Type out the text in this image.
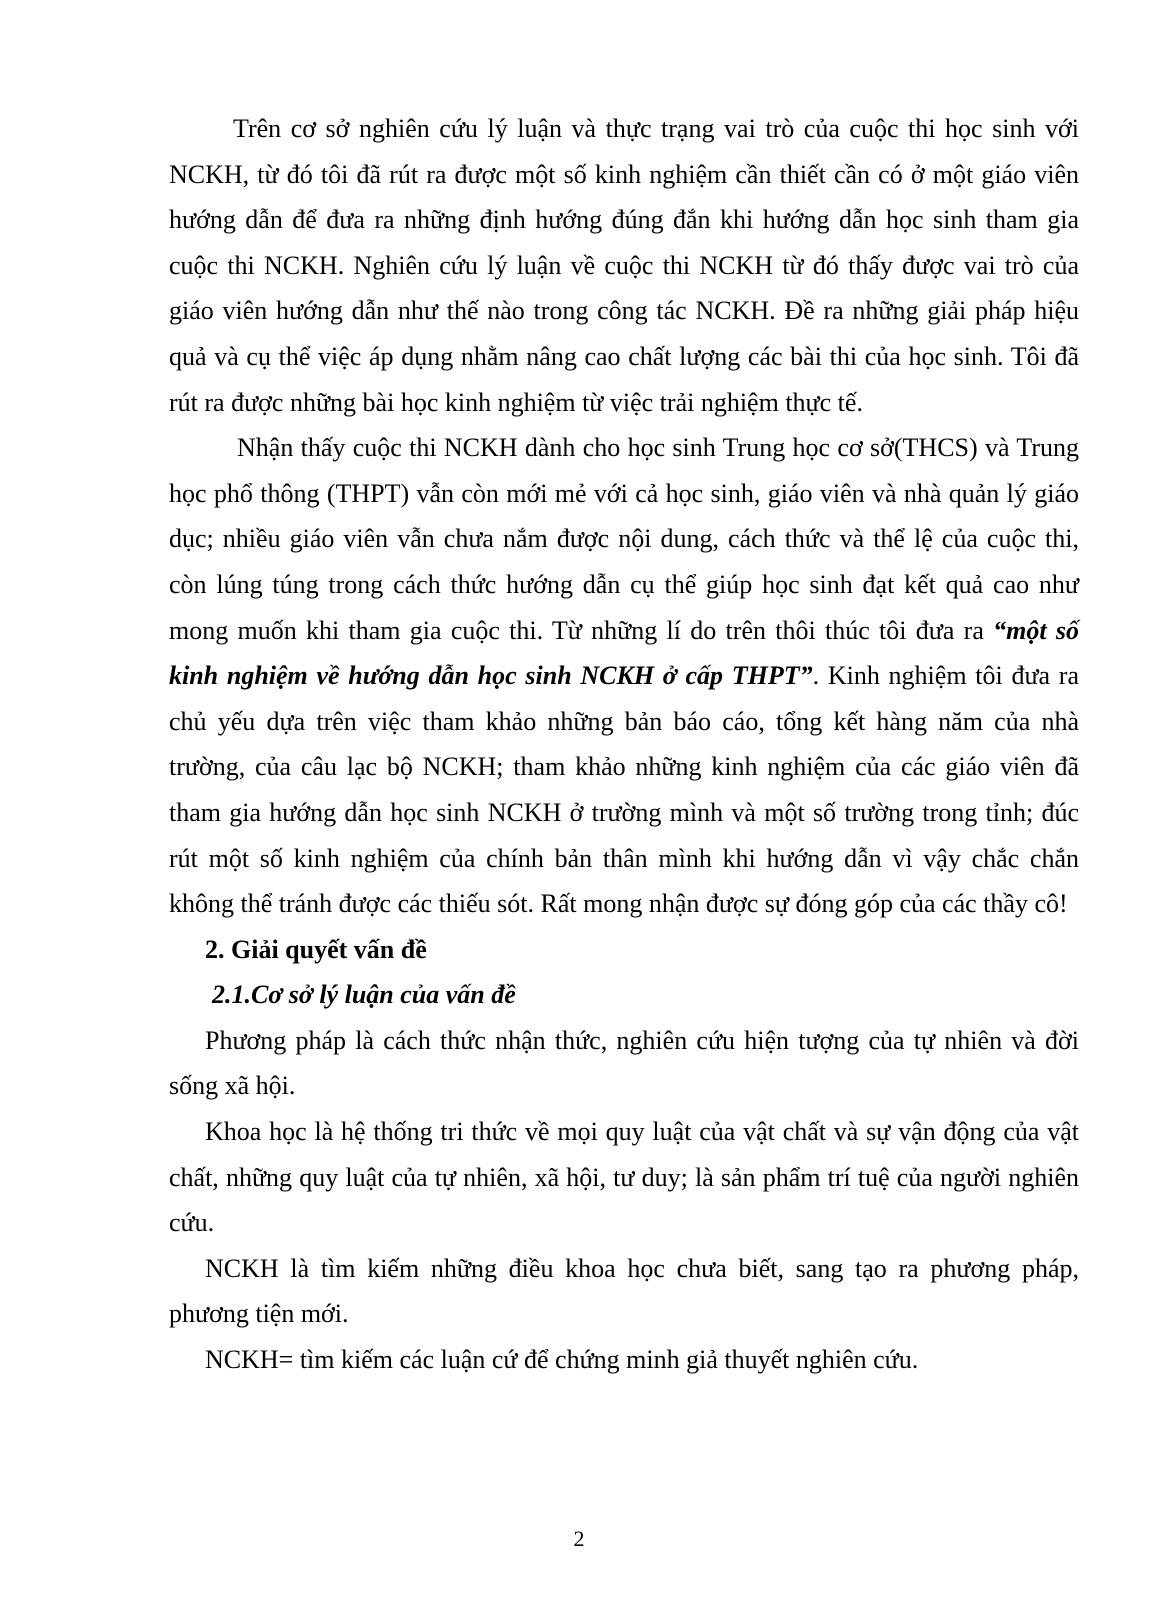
Trên cơ sở nghiên cứu lý luận và thực trạng vai trò của cuộc thi học sinh với NCKH, từ đó tôi đã rút ra được một số kinh nghiệm cần thiết cần có ở một giáo viên hướng dẫn để đưa ra những định hướng đúng đắn khi hướng dẫn học sinh tham gia cuộc thi NCKH. Nghiên cứu lý luận về cuộc thi NCKH từ đó thấy được vai trò của giáo viên hướng dẫn như thế nào trong công tác NCKH. Đề ra những giải pháp hiệu quả và cụ thể việc áp dụng nhằm nâng cao chất lượng các bài thi của học sinh. Tôi đã rút ra được những bài học kinh nghiệm từ việc trải nghiệm thực tế.

Nhận thấy cuộc thi NCKH dành cho học sinh Trung học cơ sở(THCS) và Trung học phổ thông (THPT) vẫn còn mới mẻ với cả học sinh, giáo viên và nhà quản lý giáo dục; nhiều giáo viên vẫn chưa nắm được nội dung, cách thức và thể lệ của cuộc thi, còn lúng túng trong cách thức hướng dẫn cụ thể giúp học sinh đạt kết quả cao như mong muốn khi tham gia cuộc thi. Từ những lí do trên thôi thúc tôi đưa ra “một số kinh nghiệm về hướng dẫn học sinh NCKH ở cấp THPT”. Kinh nghiệm tôi đưa ra chủ yếu dựa trên việc tham khảo những bản báo cáo, tổng kết hàng năm của nhà trường, của câu lạc bộ NCKH; tham khảo những kinh nghiệm của các giáo viên đã tham gia hướng dẫn học sinh NCKH ở trường mình và một số trường trong tỉnh; đúc rút một số kinh nghiệm của chính bản thân mình khi hướng dẫn vì vậy chắc chắn không thể tránh được các thiếu sót. Rất mong nhận được sự đóng góp của các thầy cô!

2. Giải quyết vấn đề

2.1.Cơ sở lý luận của vấn đề

Phương pháp là cách thức nhận thức, nghiên cứu hiện tượng của tự nhiên và đời sống xã hội.

Khoa học là hệ thống tri thức về mọi quy luật của vật chất và sự vận động của vật chất, những quy luật của tự nhiên, xã hội, tư duy; là sản phẩm trí tuệ của người nghiên cứu.

NCKH là tìm kiếm những điều khoa học chưa biết, sang tạo ra phương pháp, phương tiện mới.

NCKH= tìm kiếm các luận cứ để chứng minh giả thuyết nghiên cứu.

2
